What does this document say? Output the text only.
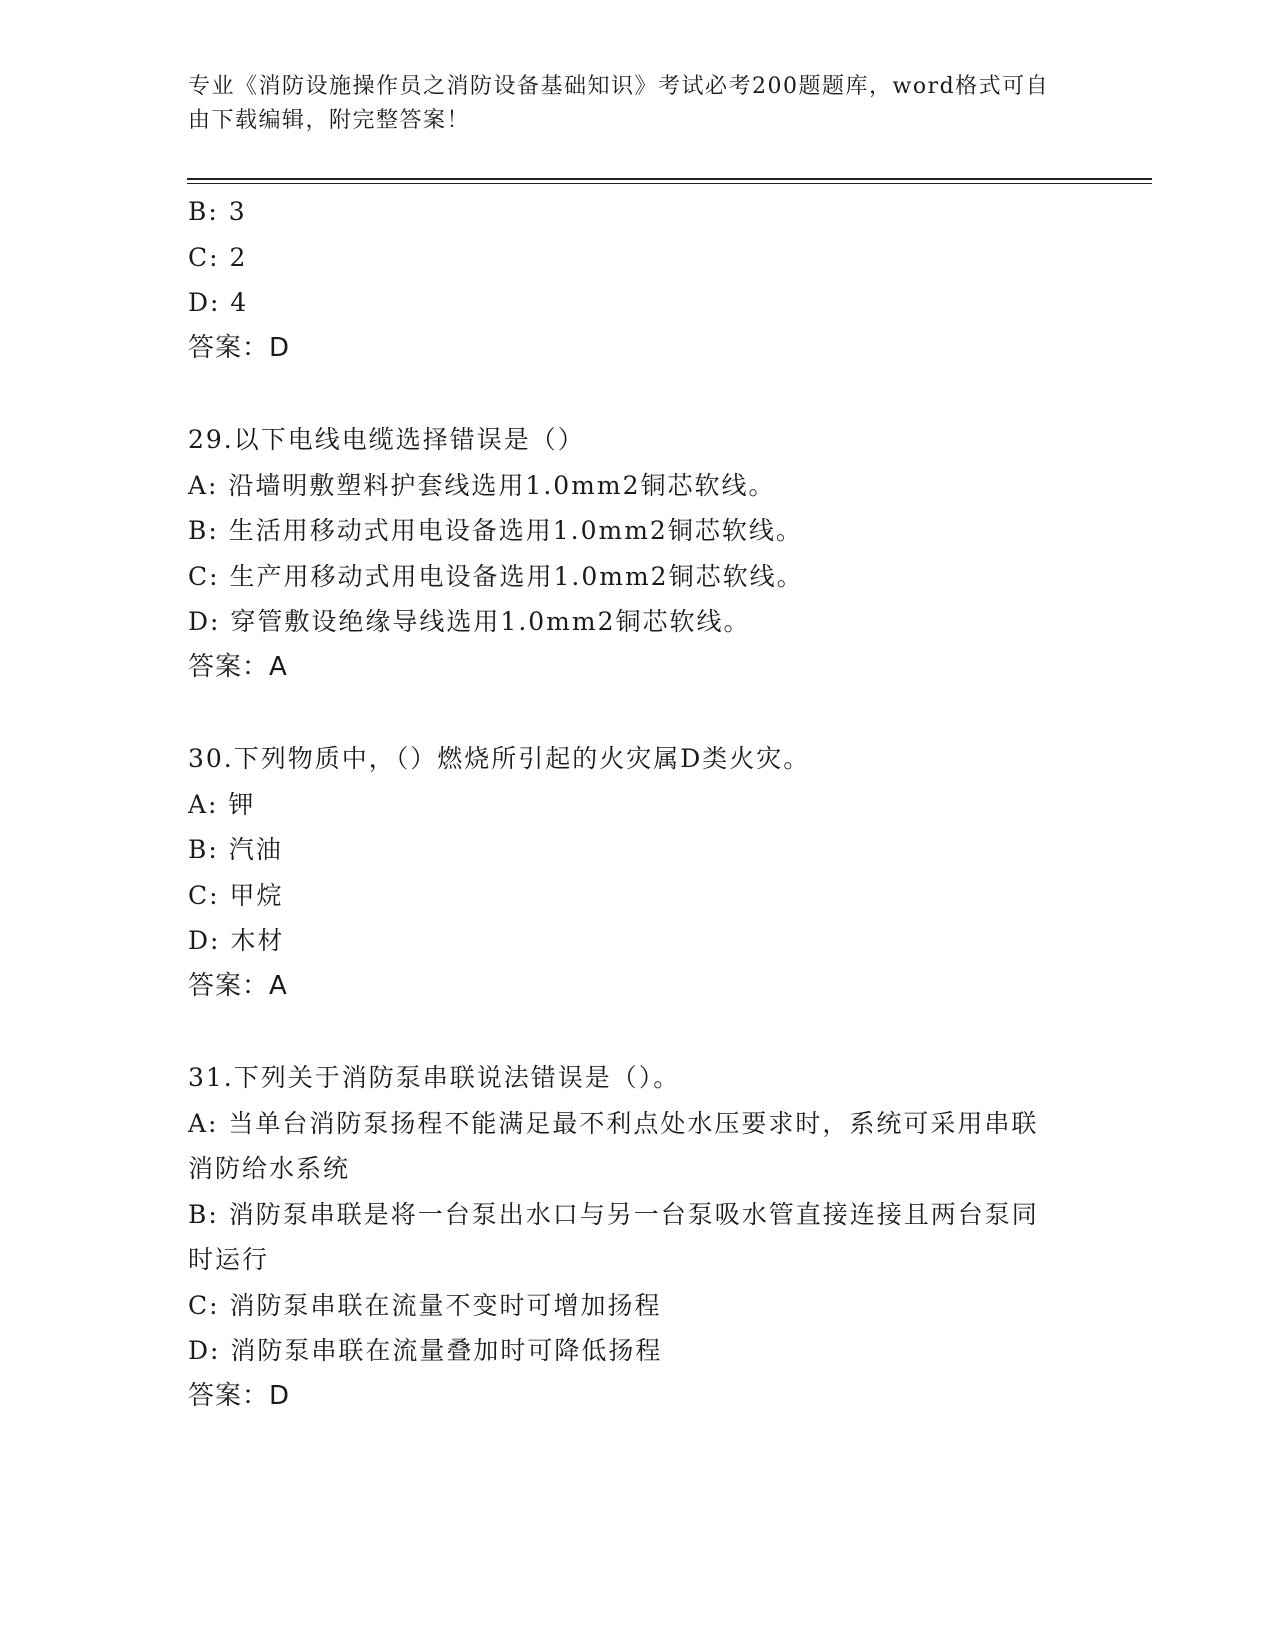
专业《消防设施操作员之消防设备基础知识》考试必考200题题库，word格式可自由下载编辑，附完整答案！
B: 3
C: 2
D: 4
答案：D
29.以下电线电缆选择错误是（）
A: 沿墙明敷塑料护套线选用1.0mm2铜芯软线。
B: 生活用移动式用电设备选用1.0mm2铜芯软线。
C: 生产用移动式用电设备选用1.0mm2铜芯软线。
D: 穿管敷设绝缘导线选用1.0mm2铜芯软线。
答案：A
30.下列物质中，（）燃烧所引起的火灾属D类火灾。
A: 钾
B: 汽油
C: 甲烷
D: 木材
答案：A
31.下列关于消防泵串联说法错误是（）。
A: 当单台消防泵扬程不能满足最不利点处水压要求时，系统可采用串联消防给水系统
B: 消防泵串联是将一台泵出水口与另一台泵吸水管直接连接且两台泵同时运行
C: 消防泵串联在流量不变时可增加扬程
D: 消防泵串联在流量叠加时可降低扬程
答案：D
